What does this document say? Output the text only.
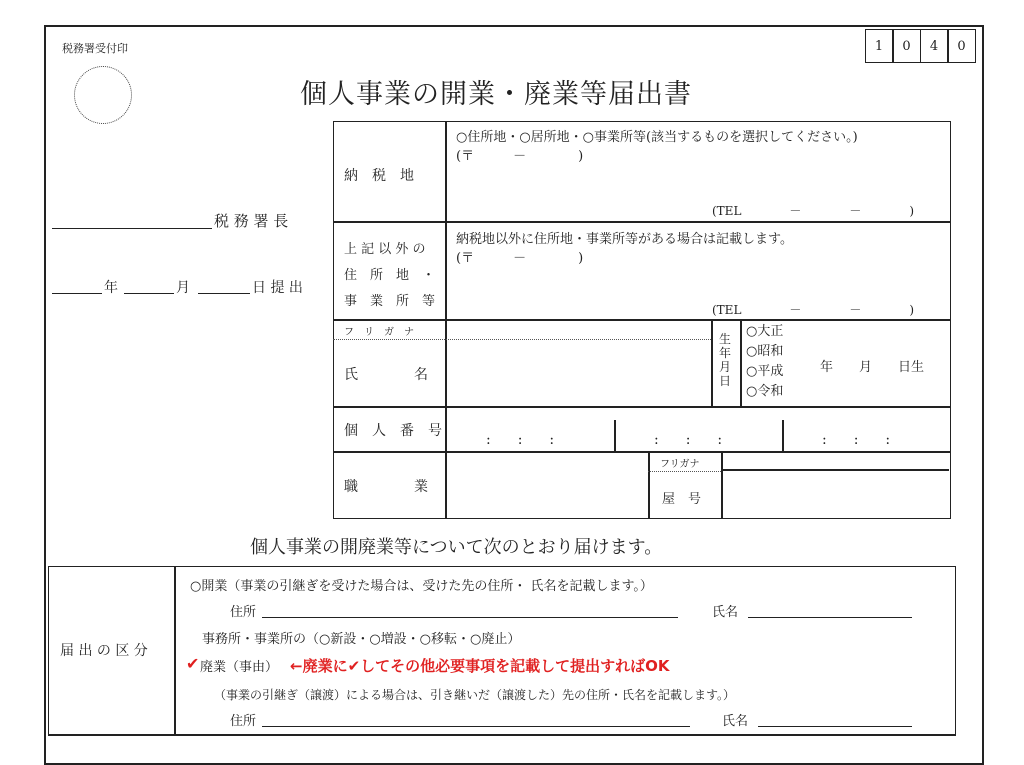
税務署受付印	1	0	4	0
個人事業の開業・廃業等届出書
税 務 署 長
年	月	日 提 出
納　税　地
○住所地・○居所地・○事業所等(該当するものを選択してください。)
(〒　　　－　　　　)
(TEL　　　　－　　　　－　　　　)
上 記 以 外 の
住　所　地　・
事　業　所　等
納税地以外に住所地・事業所等がある場合は記載します。
(〒　　　－　　　　)
(TEL　　　　－　　　　－　　　　)
フ　リ　ガ　ナ
氏　　　　名
生年月日
○大正
○昭和
○平成
○令和
年　　月　　日生
個　人　番　号
:::	:::	:::
職　　　　業
フリガナ
屋　号
個人事業の開廃業等について次のとおり届けます。
届 出 の 区 分
○開業（事業の引継ぎを受けた場合は、受けた先の住所・ 氏名を記載します。）
住所	氏名
事務所・事業所の（○新設・○増設・○移転・○廃止）
✔ 廃業（事由） ←廃業に✔してその他必要事項を記載して提出すればOK
（事業の引継ぎ（譲渡）による場合は、引き継いだ（譲渡した）先の住所・氏名を記載します。）
住所	氏名
